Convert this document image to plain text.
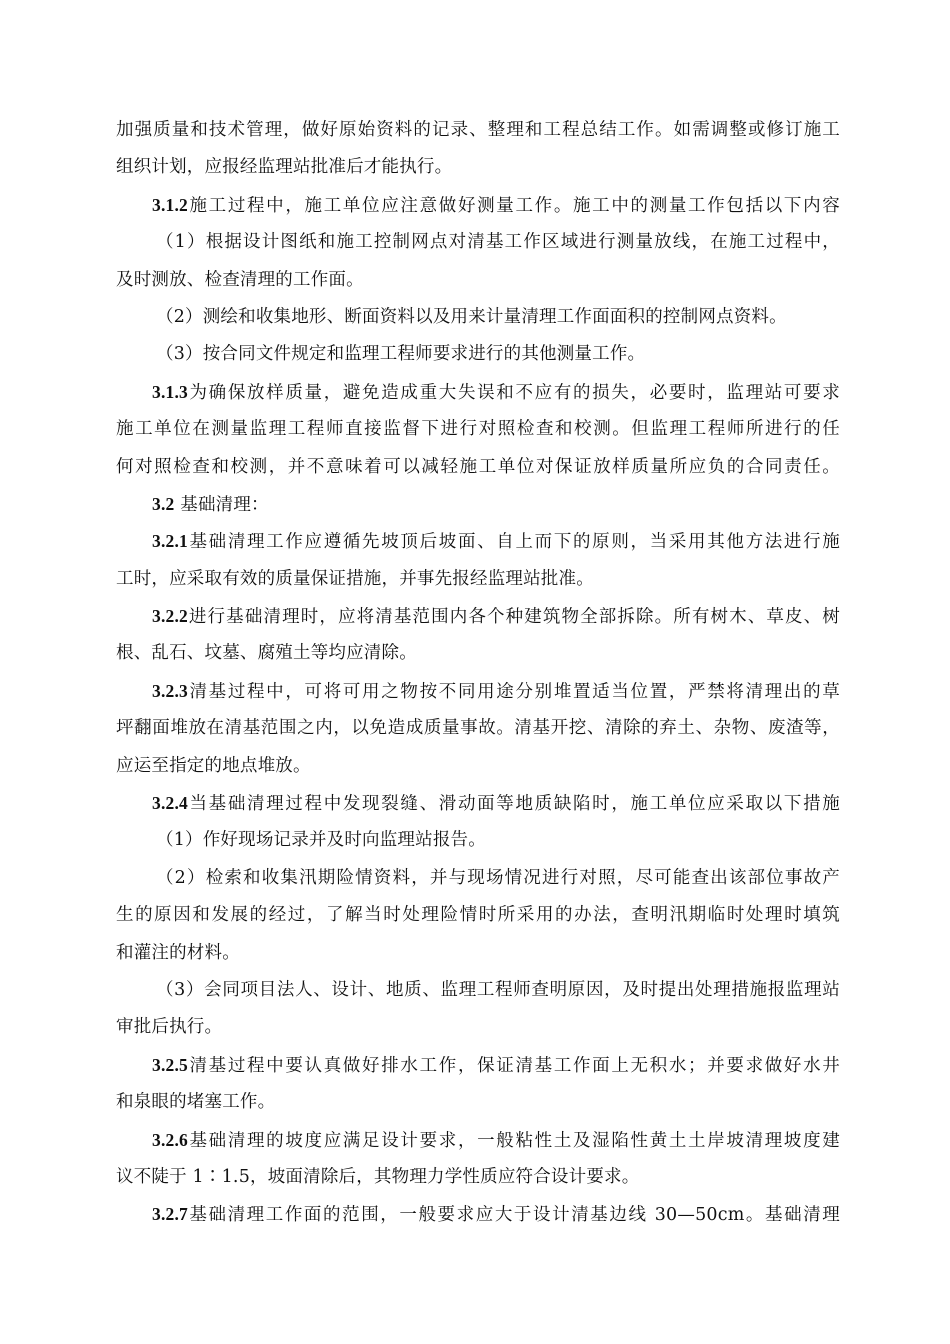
加强质量和技术管理，做好原始资料的记录、整理和工程总结工作。如需调整或修订施工
组织计划，应报经监理站批准后才能执行。
3.1.2施工过程中，施工单位应注意做好测量工作。施工中的测量工作包括以下内容
（1）根据设计图纸和施工控制网点对清基工作区域进行测量放线，在施工过程中，
及时测放、检查清理的工作面。
（2）测绘和收集地形、断面资料以及用来计量清理工作面面积的控制网点资料。
（3）按合同文件规定和监理工程师要求进行的其他测量工作。
3.1.3为确保放样质量，避免造成重大失误和不应有的损失，必要时，监理站可要求
施工单位在测量监理工程师直接监督下进行对照检查和校测。但监理工程师所进行的任
何对照检查和校测，并不意味着可以减轻施工单位对保证放样质量所应负的合同责任。
3.2 基础清理：
3.2.1基础清理工作应遵循先坡顶后坡面、自上而下的原则，当采用其他方法进行施
工时，应采取有效的质量保证措施，并事先报经监理站批准。
3.2.2进行基础清理时，应将清基范围内各个种建筑物全部拆除。所有树木、草皮、树
根、乱石、坟墓、腐殖土等均应清除。
3.2.3清基过程中，可将可用之物按不同用途分别堆置适当位置，严禁将清理出的草
坪翻面堆放在清基范围之内，以免造成质量事故。清基开挖、清除的弃土、杂物、废渣等，
应运至指定的地点堆放。
3.2.4当基础清理过程中发现裂缝、滑动面等地质缺陷时，施工单位应采取以下措施
（1）作好现场记录并及时向监理站报告。
（2）检索和收集汛期险情资料，并与现场情况进行对照，尽可能查出该部位事故产
生的原因和发展的经过，了解当时处理险情时所采用的办法，查明汛期临时处理时填筑
和灌注的材料。
（3）会同项目法人、设计、地质、监理工程师查明原因，及时提出处理措施报监理站
审批后执行。
3.2.5清基过程中要认真做好排水工作，保证清基工作面上无积水；并要求做好水井
和泉眼的堵塞工作。
3.2.6基础清理的坡度应满足设计要求，一般粘性土及湿陷性黄土土岸坡清理坡度建
议不陡于 1∶1.5，坡面清除后，其物理力学性质应符合设计要求。
3.2.7基础清理工作面的范围，一般要求应大于设计清基边线 30—50cm。基础清理
